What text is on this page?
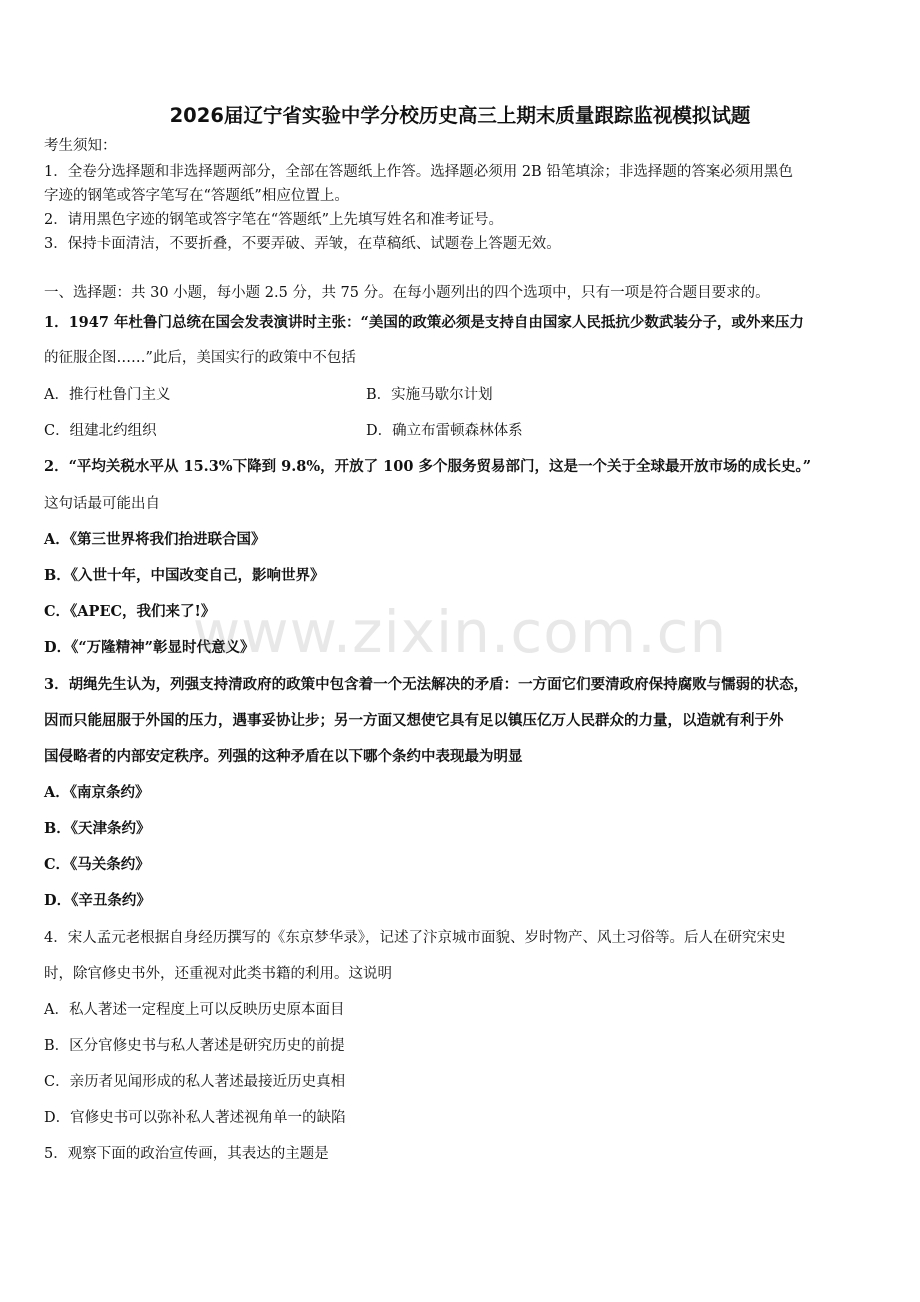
2026届辽宁省实验中学分校历史高三上期末质量跟踪监视模拟试题
考生须知：
1．全卷分选择题和非选择题两部分，全部在答题纸上作答。选择题必须用 2B 铅笔填涂；非选择题的答案必须用黑色
字迹的钢笔或答字笔写在“答题纸”相应位置上。
2．请用黑色字迹的钢笔或答字笔在“答题纸”上先填写姓名和准考证号。
3．保持卡面清洁，不要折叠，不要弄破、弄皱，在草稿纸、试题卷上答题无效。
一、选择题：共 30 小题，每小题 2.5 分，共 75 分。在每小题列出的四个选项中，只有一项是符合题目要求的。
1．1947 年杜鲁门总统在国会发表演讲时主张：“美国的政策必须是支持自由国家人民抵抗少数武装分子，或外来压力
的征服企图……”此后，美国实行的政策中不包括
A．推行杜鲁门主义	B．实施马歇尔计划
C．组建北约组织	D．确立布雷顿森林体系
2．“平均关税水平从 15.3%下降到 9.8%，开放了 100 多个服务贸易部门，这是一个关于全球最开放市场的成长史。”
这句话最可能出自
A．《第三世界将我们抬进联合国》
B．《入世十年，中国改变自己，影响世界》
C．《APEC，我们来了!》
D．《“万隆精神”彰显时代意义》
3．胡绳先生认为，列强支持清政府的政策中包含着一个无法解决的矛盾：一方面它们要清政府保持腐败与懦弱的状态，
因而只能屈服于外国的压力，遇事妥协让步；另一方面又想使它具有足以镇压亿万人民群众的力量，以造就有利于外
国侵略者的内部安定秩序。列强的这种矛盾在以下哪个条约中表现最为明显
A．《南京条约》
B．《天津条约》
C．《马关条约》
D．《辛丑条约》
4．宋人孟元老根据自身经历撰写的《东京梦华录》，记述了汴京城市面貌、岁时物产、风土习俗等。后人在研究宋史
时，除官修史书外，还重视对此类书籍的利用。这说明
A．私人著述一定程度上可以反映历史原本面目
B．区分官修史书与私人著述是研究历史的前提
C．亲历者见闻形成的私人著述最接近历史真相
D．官修史书可以弥补私人著述视角单一的缺陷
5．观察下面的政治宣传画，其表达的主题是
www.zixin.com.cn
